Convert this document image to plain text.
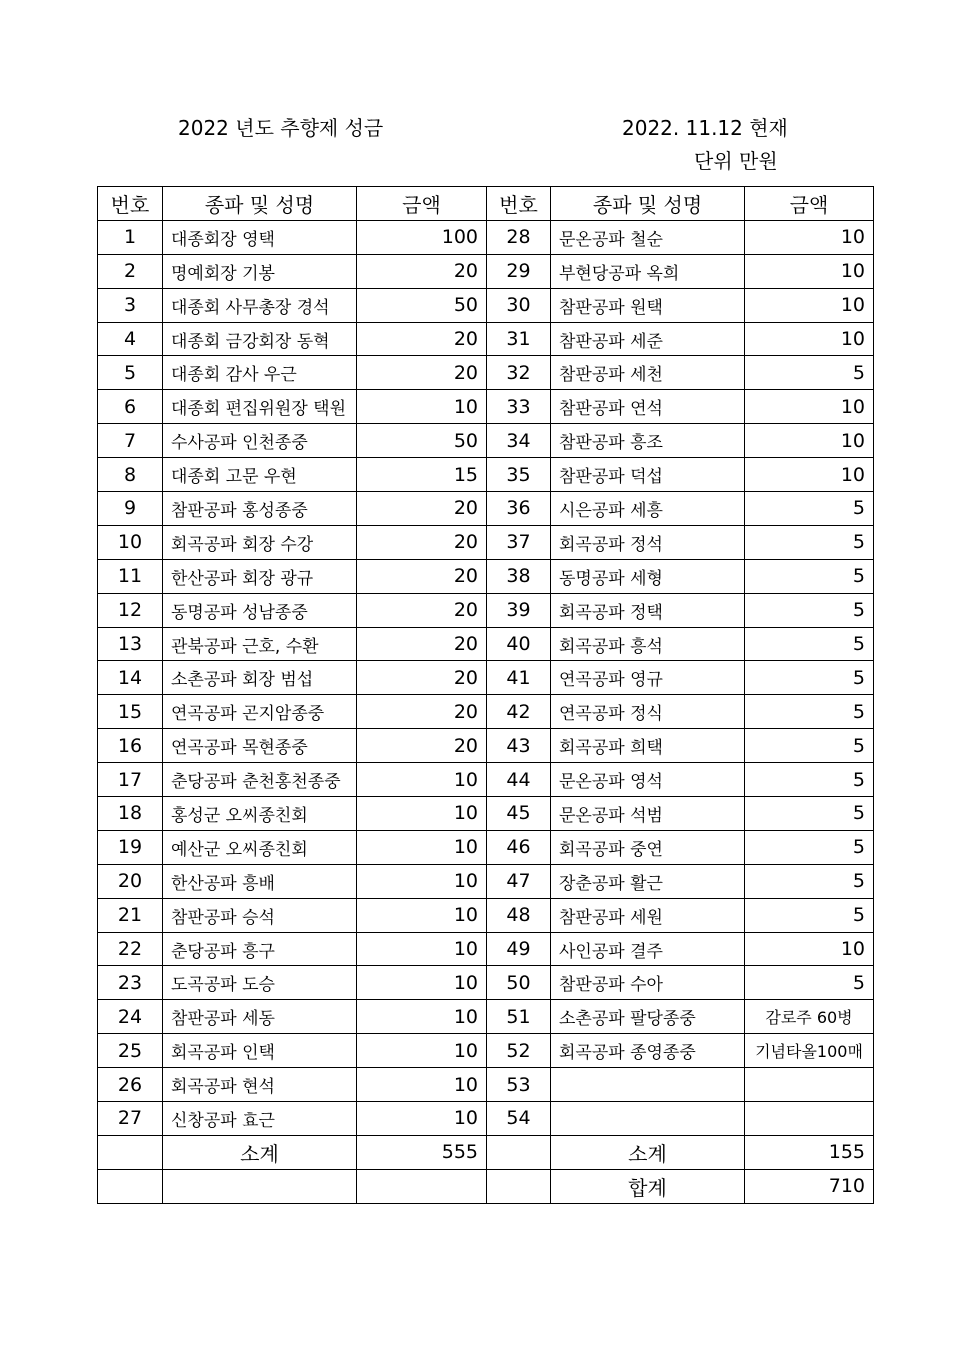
2022 년도 추향제 성금	2022. 11.12 현재
단위 만원
번호	종파 및 성명	금액	번호	종파 및 성명	금액
1	대종회장 영택	100	28	문온공파 철순	10
2	명예회장 기봉	20	29	부현당공파 옥희	10
3	대종회 사무총장 경석	50	30	참판공파 원택	10
4	대종회 금강회장 동혁	20	31	참판공파 세준	10
5	대종회 감사 우근	20	32	참판공파 세천	5
6	대종회 편집위원장 택원	10	33	참판공파 연석	10
7	수사공파 인천종중	50	34	참판공파 흥조	10
8	대종회 고문 우현	15	35	참판공파 덕섭	10
9	참판공파 홍성종중	20	36	시은공파 세흥	5
10	회곡공파 회장 수강	20	37	회곡공파 정석	5
11	한산공파 회장 광규	20	38	동명공파 세형	5
12	동명공파 성남종중	20	39	회곡공파 정택	5
13	관북공파 근호, 수환	20	40	회곡공파 흥석	5
14	소촌공파 회장 범섭	20	41	연곡공파 영규	5
15	연곡공파 곤지암종중	20	42	연곡공파 정식	5
16	연곡공파 목현종중	20	43	회곡공파 희택	5
17	춘당공파 춘천홍천종중	10	44	문온공파 영석	5
18	홍성군 오씨종친회	10	45	문온공파 석범	5
19	예산군 오씨종친회	10	46	회곡공파 중연	5
20	한산공파 흥배	10	47	장춘공파 활근	5
21	참판공파 승석	10	48	참판공파 세원	5
22	춘당공파 흥구	10	49	사인공파 결주	10
23	도곡공파 도승	10	50	참판공파 수아	5
24	참판공파 세동	10	51	소촌공파 팔당종중	감로주 60병
25	회곡공파 인택	10	52	회곡공파 종영종중	기념타올100매
26	회곡공파 현석	10	53		
27	신창공파 효근	10	54		
	소계	555		소계	155
				합계	710
